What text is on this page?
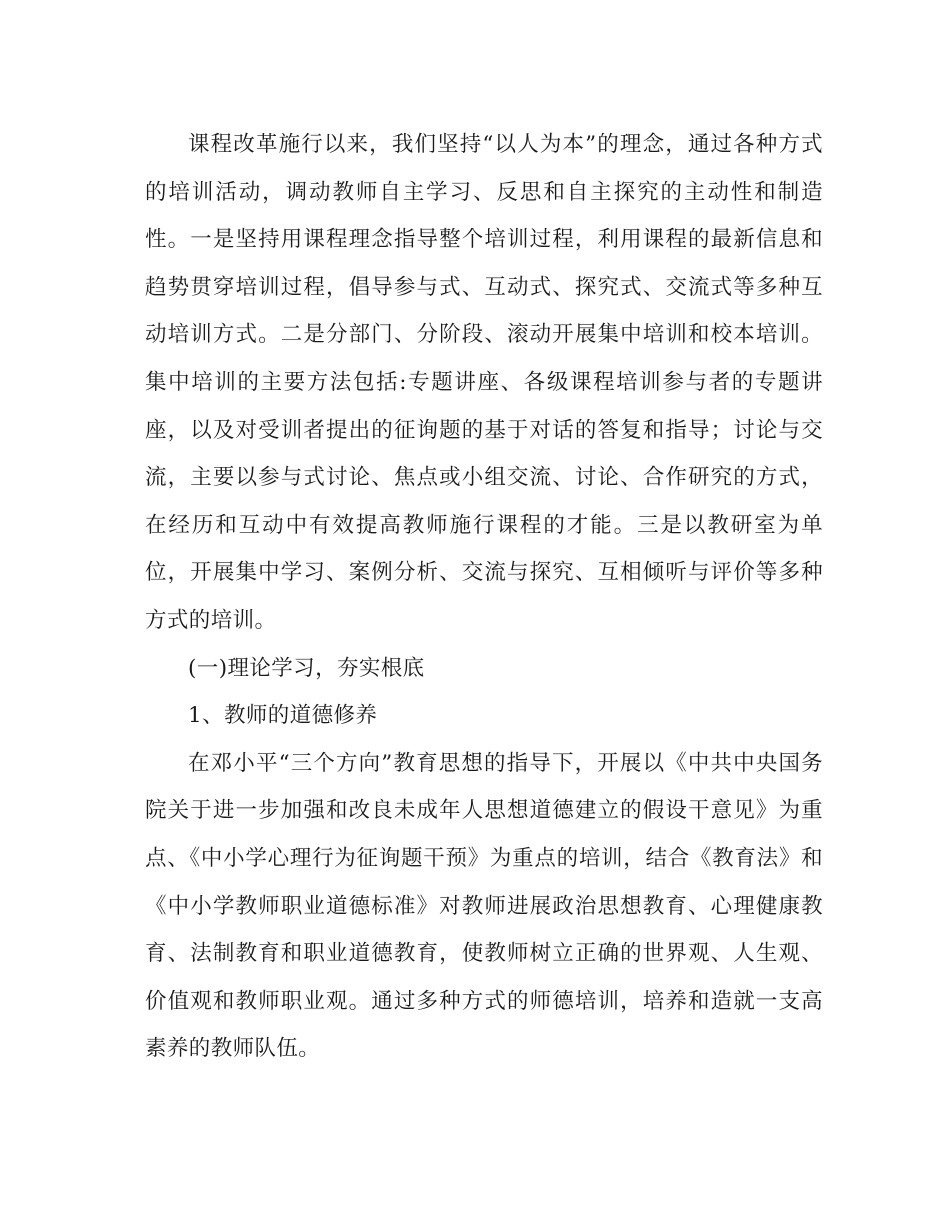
课程改革施行以来，我们坚持“以人为本”的理念，通过各种方式的培训活动，调动教师自主学习、反思和自主探究的主动性和制造性。一是坚持用课程理念指导整个培训过程，利用课程的最新信息和趋势贯穿培训过程，倡导参与式、互动式、探究式、交流式等多种互动培训方式。二是分部门、分阶段、滚动开展集中培训和校本培训。集中培训的主要方法包括:专题讲座、各级课程培训参与者的专题讲座，以及对受训者提出的征询题的基于对话的答复和指导；讨论与交流，主要以参与式讨论、焦点或小组交流、讨论、合作研究的方式，在经历和互动中有效提高教师施行课程的才能。三是以教研室为单位，开展集中学习、案例分析、交流与探究、互相倾听与评价等多种方式的培训。

(一)理论学习，夯实根底

1、教师的道德修养

在邓小平“三个方向”教育思想的指导下，开展以《中共中央国务院关于进一步加强和改良未成年人思想道德建立的假设干意见》为重点、《中小学心理行为征询题干预》为重点的培训，结合《教育法》和《中小学教师职业道德标准》对教师进展政治思想教育、心理健康教育、法制教育和职业道德教育，使教师树立正确的世界观、人生观、价值观和教师职业观。通过多种方式的师德培训，培养和造就一支高素养的教师队伍。
